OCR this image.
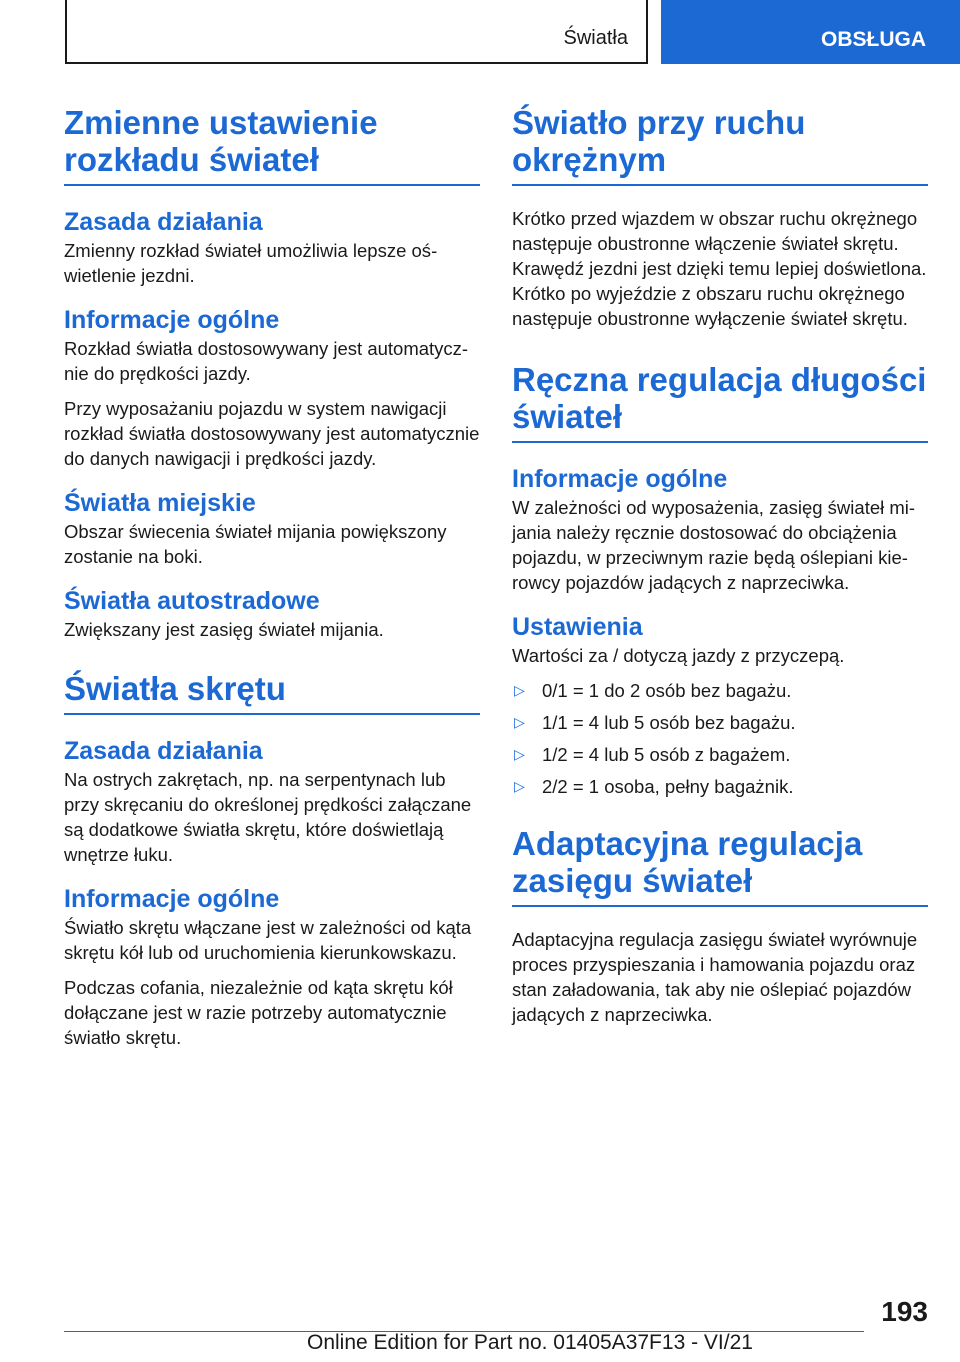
Światła	OBSŁUGA
Zmienne ustawienie rozkładu świateł
Zasada działania

Zmienny rozkład świateł umożliwia lepsze oświetlenie jezdni.

Informacje ogólne

Rozkład światła dostosowywany jest automatycznie do prędkości jazdy.

Przy wyposażaniu pojazdu w system nawigacji rozkład światła dostosowywany jest automatycznie do danych nawigacji i prędkości jazdy.

Światła miejskie

Obszar świecenia świateł mijania powiększony zostanie na boki.

Światła autostradowe

Zwiększany jest zasięg świateł mijania.

Światła skrętu
Zasada działania

Na ostrych zakrętach, np. na serpentynach lub przy skręcaniu do określonej prędkości załączane są dodatkowe światła skrętu, które doświetlają wnętrze łuku.

Informacje ogólne

Światło skrętu włączane jest w zależności od kąta skrętu kół lub od uruchomienia kierunkowskazu.

Podczas cofania, niezależnie od kąta skrętu kół dołączane jest w razie potrzeby automatycznie światło skrętu.

Światło przy ruchu okrężnym

Krótko przed wjazdem w obszar ruchu okrężnego następuje obustronne włączenie świateł skrętu. Krawędź jezdni jest dzięki temu lepiej doświetlona. Krótko po wyjeździe z obszaru ruchu okrężnego następuje obustronne wyłączenie świateł skrętu.

Ręczna regulacja długości świateł
Informacje ogólne

W zależności od wyposażenia, zasięg świateł mijania należy ręcznie dostosować do obciążenia pojazdu, w przeciwnym razie będą oślepiani kierowcy pojazdów jadących z naprzeciwka.

Ustawienia

Wartości za / dotyczą jazdy z przyczepą.

▷ 0/1 = 1 do 2 osób bez bagażu.
▷ 1/1 = 4 lub 5 osób bez bagażu.
▷ 1/2 = 4 lub 5 osób z bagażem.
▷ 2/2 = 1 osoba, pełny bagażnik.
Adaptacyjna regulacja zasięgu świateł

Adaptacyjna regulacja zasięgu świateł wyrównuje proces przyspieszania i hamowania pojazdu oraz stan załadowania, tak aby nie oślepiać pojazdów jadących z naprzeciwka.

193
Online Edition for Part no. 01405A37F13 - VI/21
